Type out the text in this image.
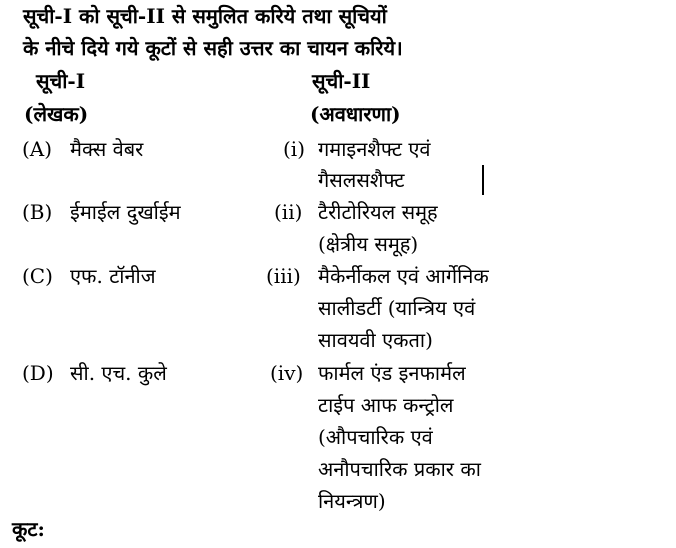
सूची-I को सूची-II से समुलित करिये तथा सूचियों
के नीचे दिये गये कूटों से सही उत्तर का चायन करिये।
सूची-I
(लेखक)
सूची-II
(अवधारणा)
(A) मैक्स वेबर
(B) ईमाईल दुर्खाईम
(C) एफ. टॉनीज
(D) सी. एच. कुले
(i) गमाइनशैफ्ट एवं
गैसलसशैफ्ट
(ii) टैरीटोरियल समूह
(क्षेत्रीय समूह)
(iii) मैकेर्नीकल एवं आर्गेनिक
सालीडर्टी (यान्त्रिय एवं
सावयवी एकता)
(iv) फार्मल एंड इनफार्मल
टाईप आफ कन्ट्रोल
(औपचारिक एवं
अनौपचारिक प्रकार का
नियन्त्रण)
कूट:
